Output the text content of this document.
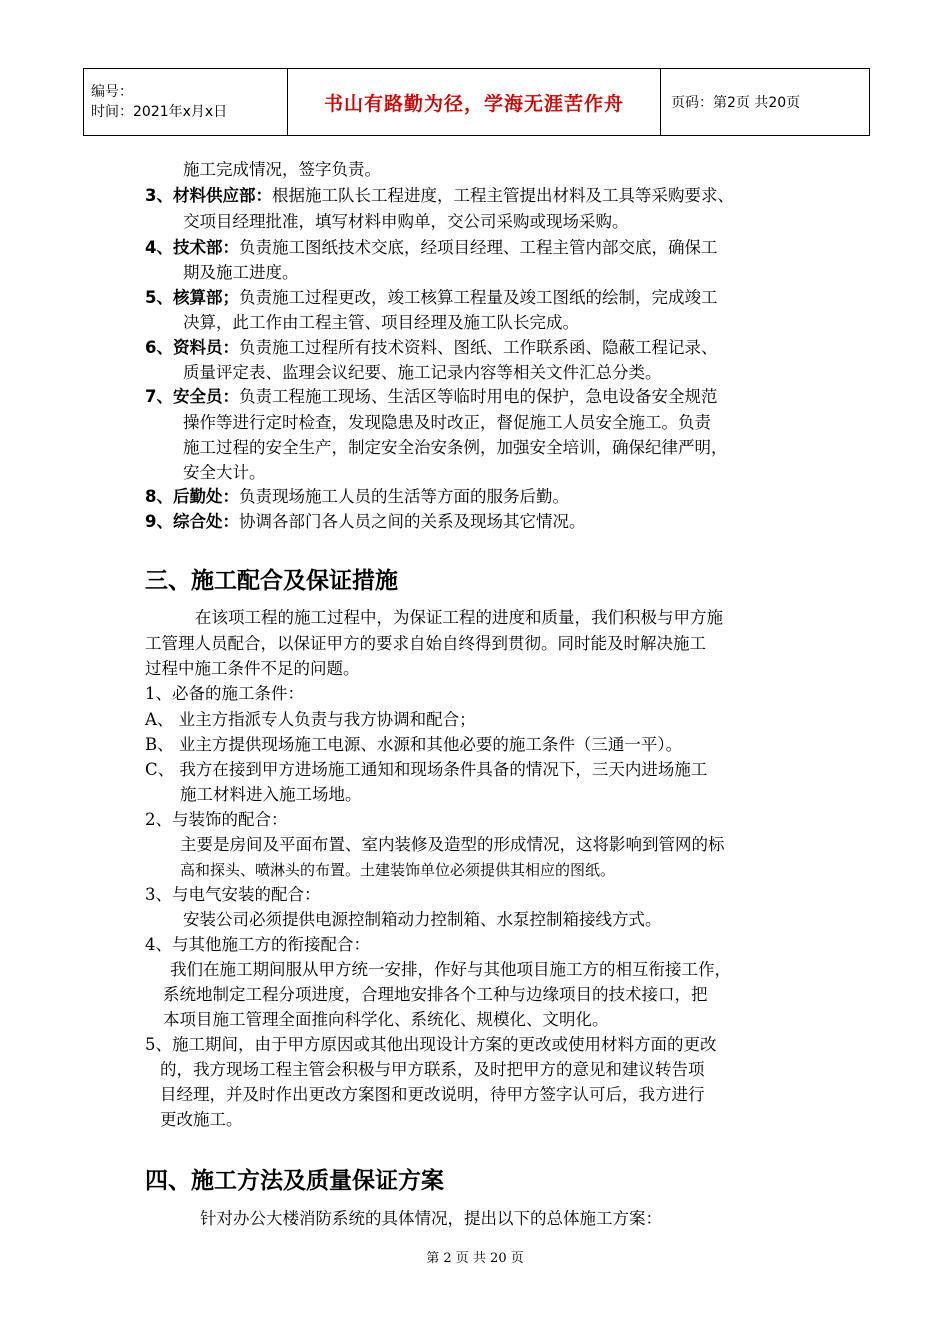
编号：
时间：2021年x月x日	书山有路勤为径，学海无涯苦作舟	页码：第2页 共20页
施工完成情况，签字负责。
3、材料供应部：根据施工队长工程进度，工程主管提出材料及工具等采购要求、
交项目经理批准，填写材料申购单，交公司采购或现场采购。
4、技术部：负责施工图纸技术交底，经项目经理、工程主管内部交底，确保工
期及施工进度。
5、核算部；负责施工过程更改，竣工核算工程量及竣工图纸的绘制，完成竣工
决算，此工作由工程主管、项目经理及施工队长完成。
6、资料员：负责施工过程所有技术资料、图纸、工作联系函、隐蔽工程记录、
质量评定表、监理会议纪要、施工记录内容等相关文件汇总分类。
7、安全员：负责工程施工现场、生活区等临时用电的保护，急电设备安全规范
操作等进行定时检查，发现隐患及时改正，督促施工人员安全施工。负责
施工过程的安全生产，制定安全治安条例，加强安全培训，确保纪律严明，
安全大计。
8、后勤处：负责现场施工人员的生活等方面的服务后勤。
9、综合处：协调各部门各人员之间的关系及现场其它情况。
三、施工配合及保证措施
在该项工程的施工过程中，为保证工程的进度和质量，我们积极与甲方施
工管理人员配合，以保证甲方的要求自始自终得到贯彻。同时能及时解决施工
过程中施工条件不足的问题。
1、必备的施工条件：
A、 业主方指派专人负责与我方协调和配合；
B、 业主方提供现场施工电源、水源和其他必要的施工条件（三通一平）。
C、 我方在接到甲方进场施工通知和现场条件具备的情况下，三天内进场施工
施工材料进入施工场地。
2、与装饰的配合：
主要是房间及平面布置、室内装修及造型的形成情况，这将影响到管网的标
高和探头、喷淋头的布置。土建装饰单位必须提供其相应的图纸。
3、与电气安装的配合：
安装公司必须提供电源控制箱动力控制箱、水泵控制箱接线方式。
4、与其他施工方的衔接配合：
我们在施工期间服从甲方统一安排，作好与其他项目施工方的相互衔接工作，
系统地制定工程分项进度，合理地安排各个工种与边缘项目的技术接口，把
本项目施工管理全面推向科学化、系统化、规模化、文明化。
5、施工期间，由于甲方原因或其他出现设计方案的更改或使用材料方面的更改
的，我方现场工程主管会积极与甲方联系，及时把甲方的意见和建议转告项
目经理，并及时作出更改方案图和更改说明，待甲方签字认可后，我方进行
更改施工。
四、施工方法及质量保证方案
针对办公大楼消防系统的具体情况，提出以下的总体施工方案：
第 2 页 共 20 页
